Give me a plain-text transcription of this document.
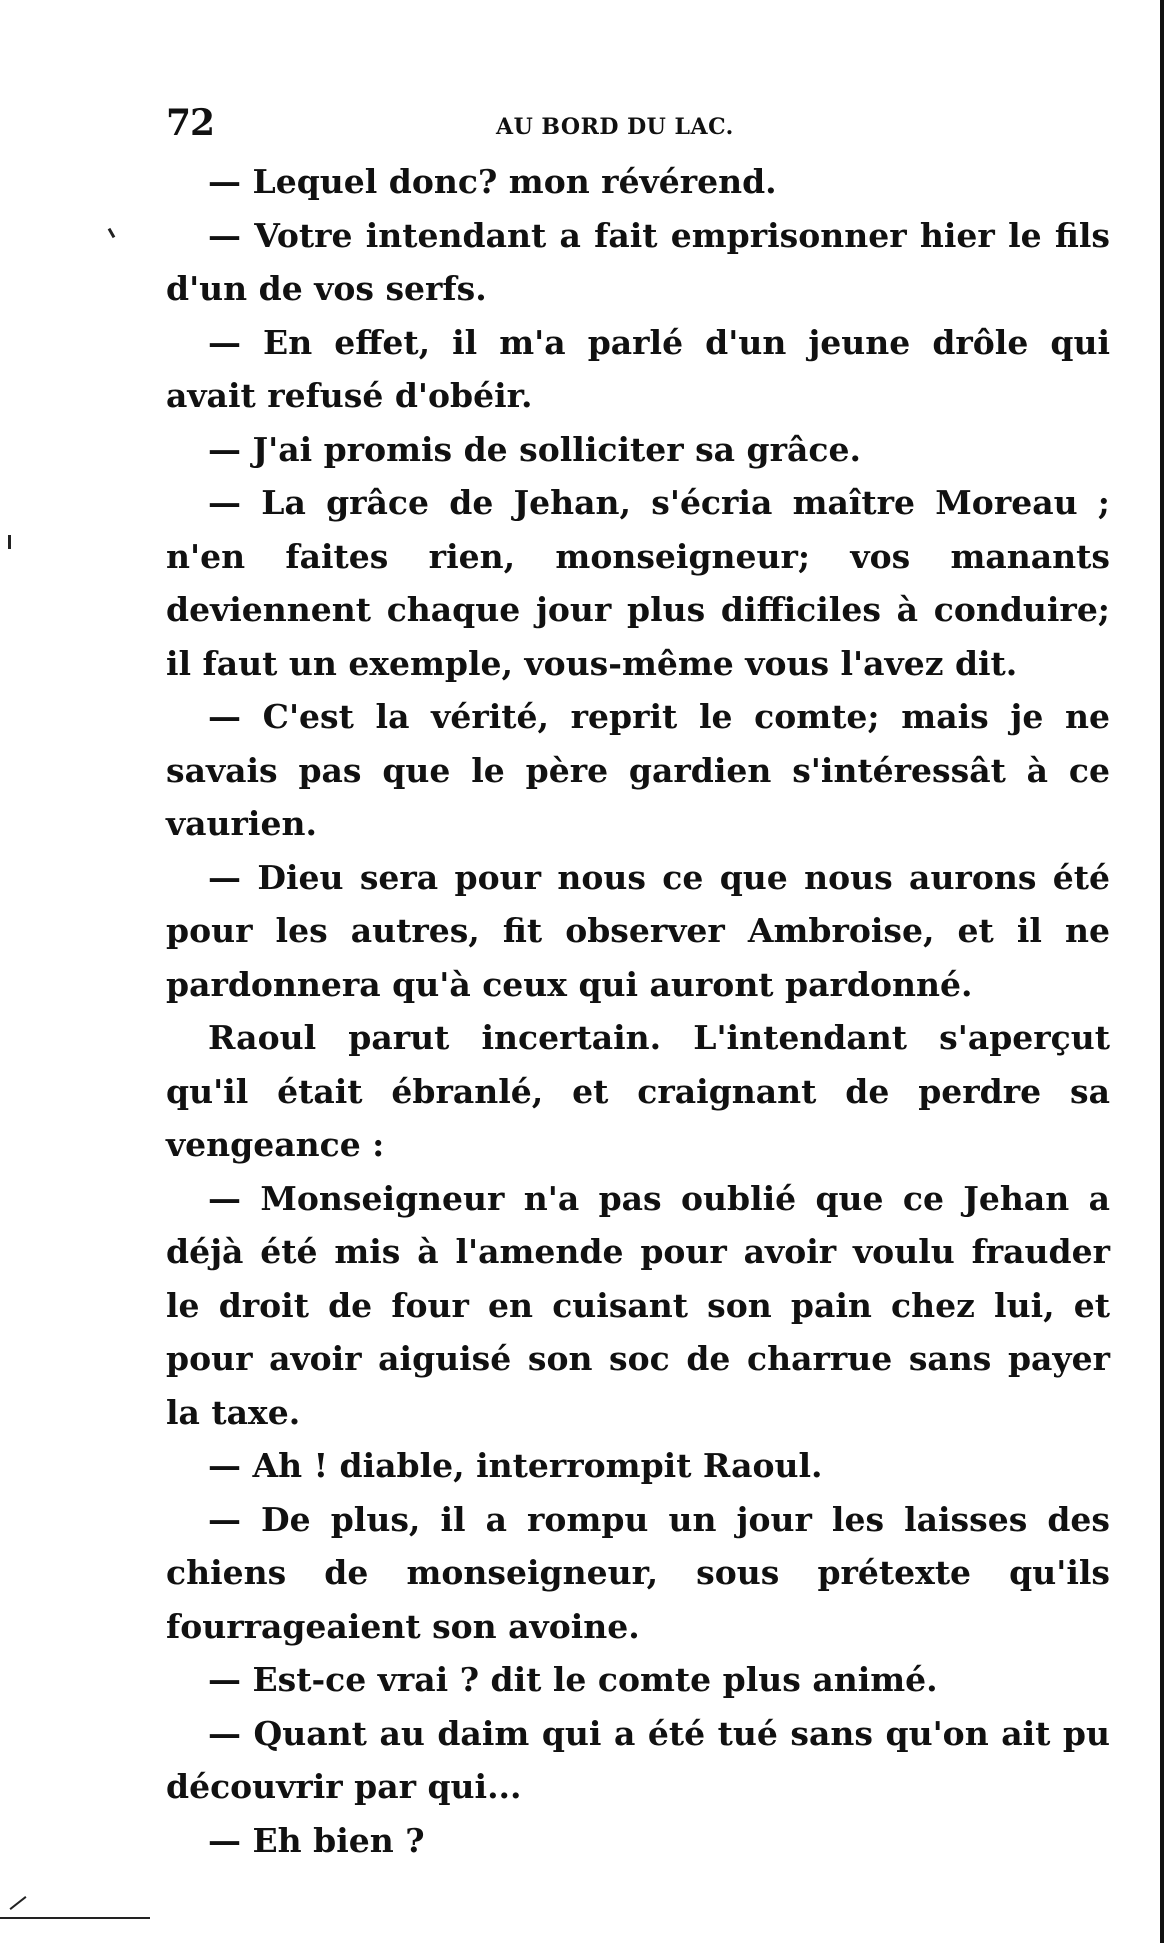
72	AU BORD DU LAC.

— Lequel donc? mon révérend.

— Votre intendant a fait emprisonner hier le fils d'un de vos serfs.

— En effet, il m'a parlé d'un jeune drôle qui avait refusé d'obéir.

— J'ai promis de solliciter sa grâce.

— La grâce de Jehan, s'écria maître Moreau ; n'en faites rien, monseigneur; vos manants deviennent chaque jour plus difficiles à conduire; il faut un exemple, vous-même vous l'avez dit.

— C'est la vérité, reprit le comte; mais je ne savais pas que le père gardien s'intéressât à ce vaurien.

— Dieu sera pour nous ce que nous aurons été pour les autres, fit observer Ambroise, et il ne pardonnera qu'à ceux qui auront pardonné.

Raoul parut incertain. L'intendant s'aperçut qu'il était ébranlé, et craignant de perdre sa vengeance :

— Monseigneur n'a pas oublié que ce Jehan a déjà été mis à l'amende pour avoir voulu frauder le droit de four en cuisant son pain chez lui, et pour avoir aiguisé son soc de charrue sans payer la taxe.

— Ah ! diable, interrompit Raoul.

— De plus, il a rompu un jour les laisses des chiens de monseigneur, sous prétexte qu'ils fourrageaient son avoine.

— Est-ce vrai ? dit le comte plus animé.

— Quant au daim qui a été tué sans qu'on ait pu découvrir par qui...

— Eh bien ?
